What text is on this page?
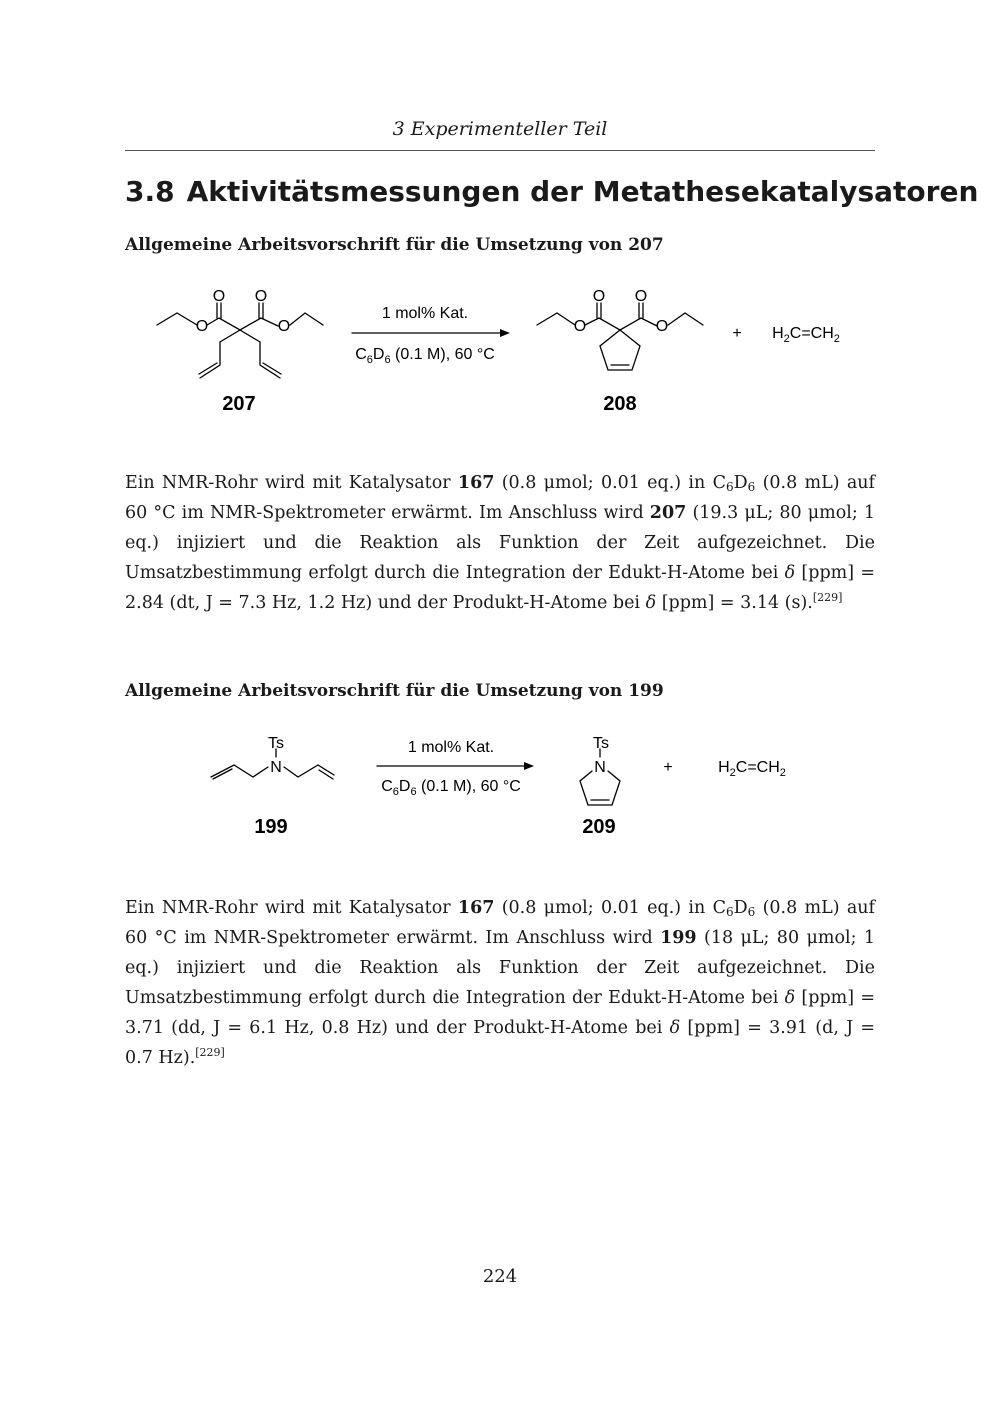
3 Experimenteller Teil
3.8 Aktivitätsmessungen der Metathesekatalysatoren
Allgemeine Arbeitsvorschrift für die Umsetzung von 207
O O
O	O
O O
O	O
1 mol% Kat.
$C_6D_6$ (0.1 M), 60 °C
+ $H_2C=CH_2$
207	208
Ein NMR-Rohr wird mit Katalysator 167 (0.8 μmol; 0.01 eq.) in $C_6D_6$ (0.8 mL) auf 60 °C im NMR-Spektrometer erwärmt. Im Anschluss wird 207 (19.3 μL; 80 μmol; 1 eq.) injiziert und die Reaktion als Funktion der Zeit aufgezeichnet. Die Umsatzbestimmung erfolgt durch die Integration der Edukt-H-Atome bei δ [ppm] = 2.84 (dt, J = 7.3 Hz, 1.2 Hz) und der Produkt-H-Atome bei δ [ppm] = 3.14 (s).[229]
Allgemeine Arbeitsvorschrift für die Umsetzung von 199
Ts
N
Ts
N
1 mol% Kat.
$C_6D_6$ (0.1 M), 60 °C
+	$H_2C=CH_2$
199	209
Ein NMR-Rohr wird mit Katalysator 167 (0.8 μmol; 0.01 eq.) in $C_6D_6$ (0.8 mL) auf 60 °C im NMR-Spektrometer erwärmt. Im Anschluss wird 199 (18 μL; 80 μmol; 1 eq.) injiziert und die Reaktion als Funktion der Zeit aufgezeichnet. Die Umsatzbestimmung erfolgt durch die Integration der Edukt-H-Atome bei δ [ppm] = 3.71 (dd, J = 6.1 Hz, 0.8 Hz) und der Produkt-H-Atome bei δ [ppm] = 3.91 (d, J = 0.7 Hz).[229]
224
